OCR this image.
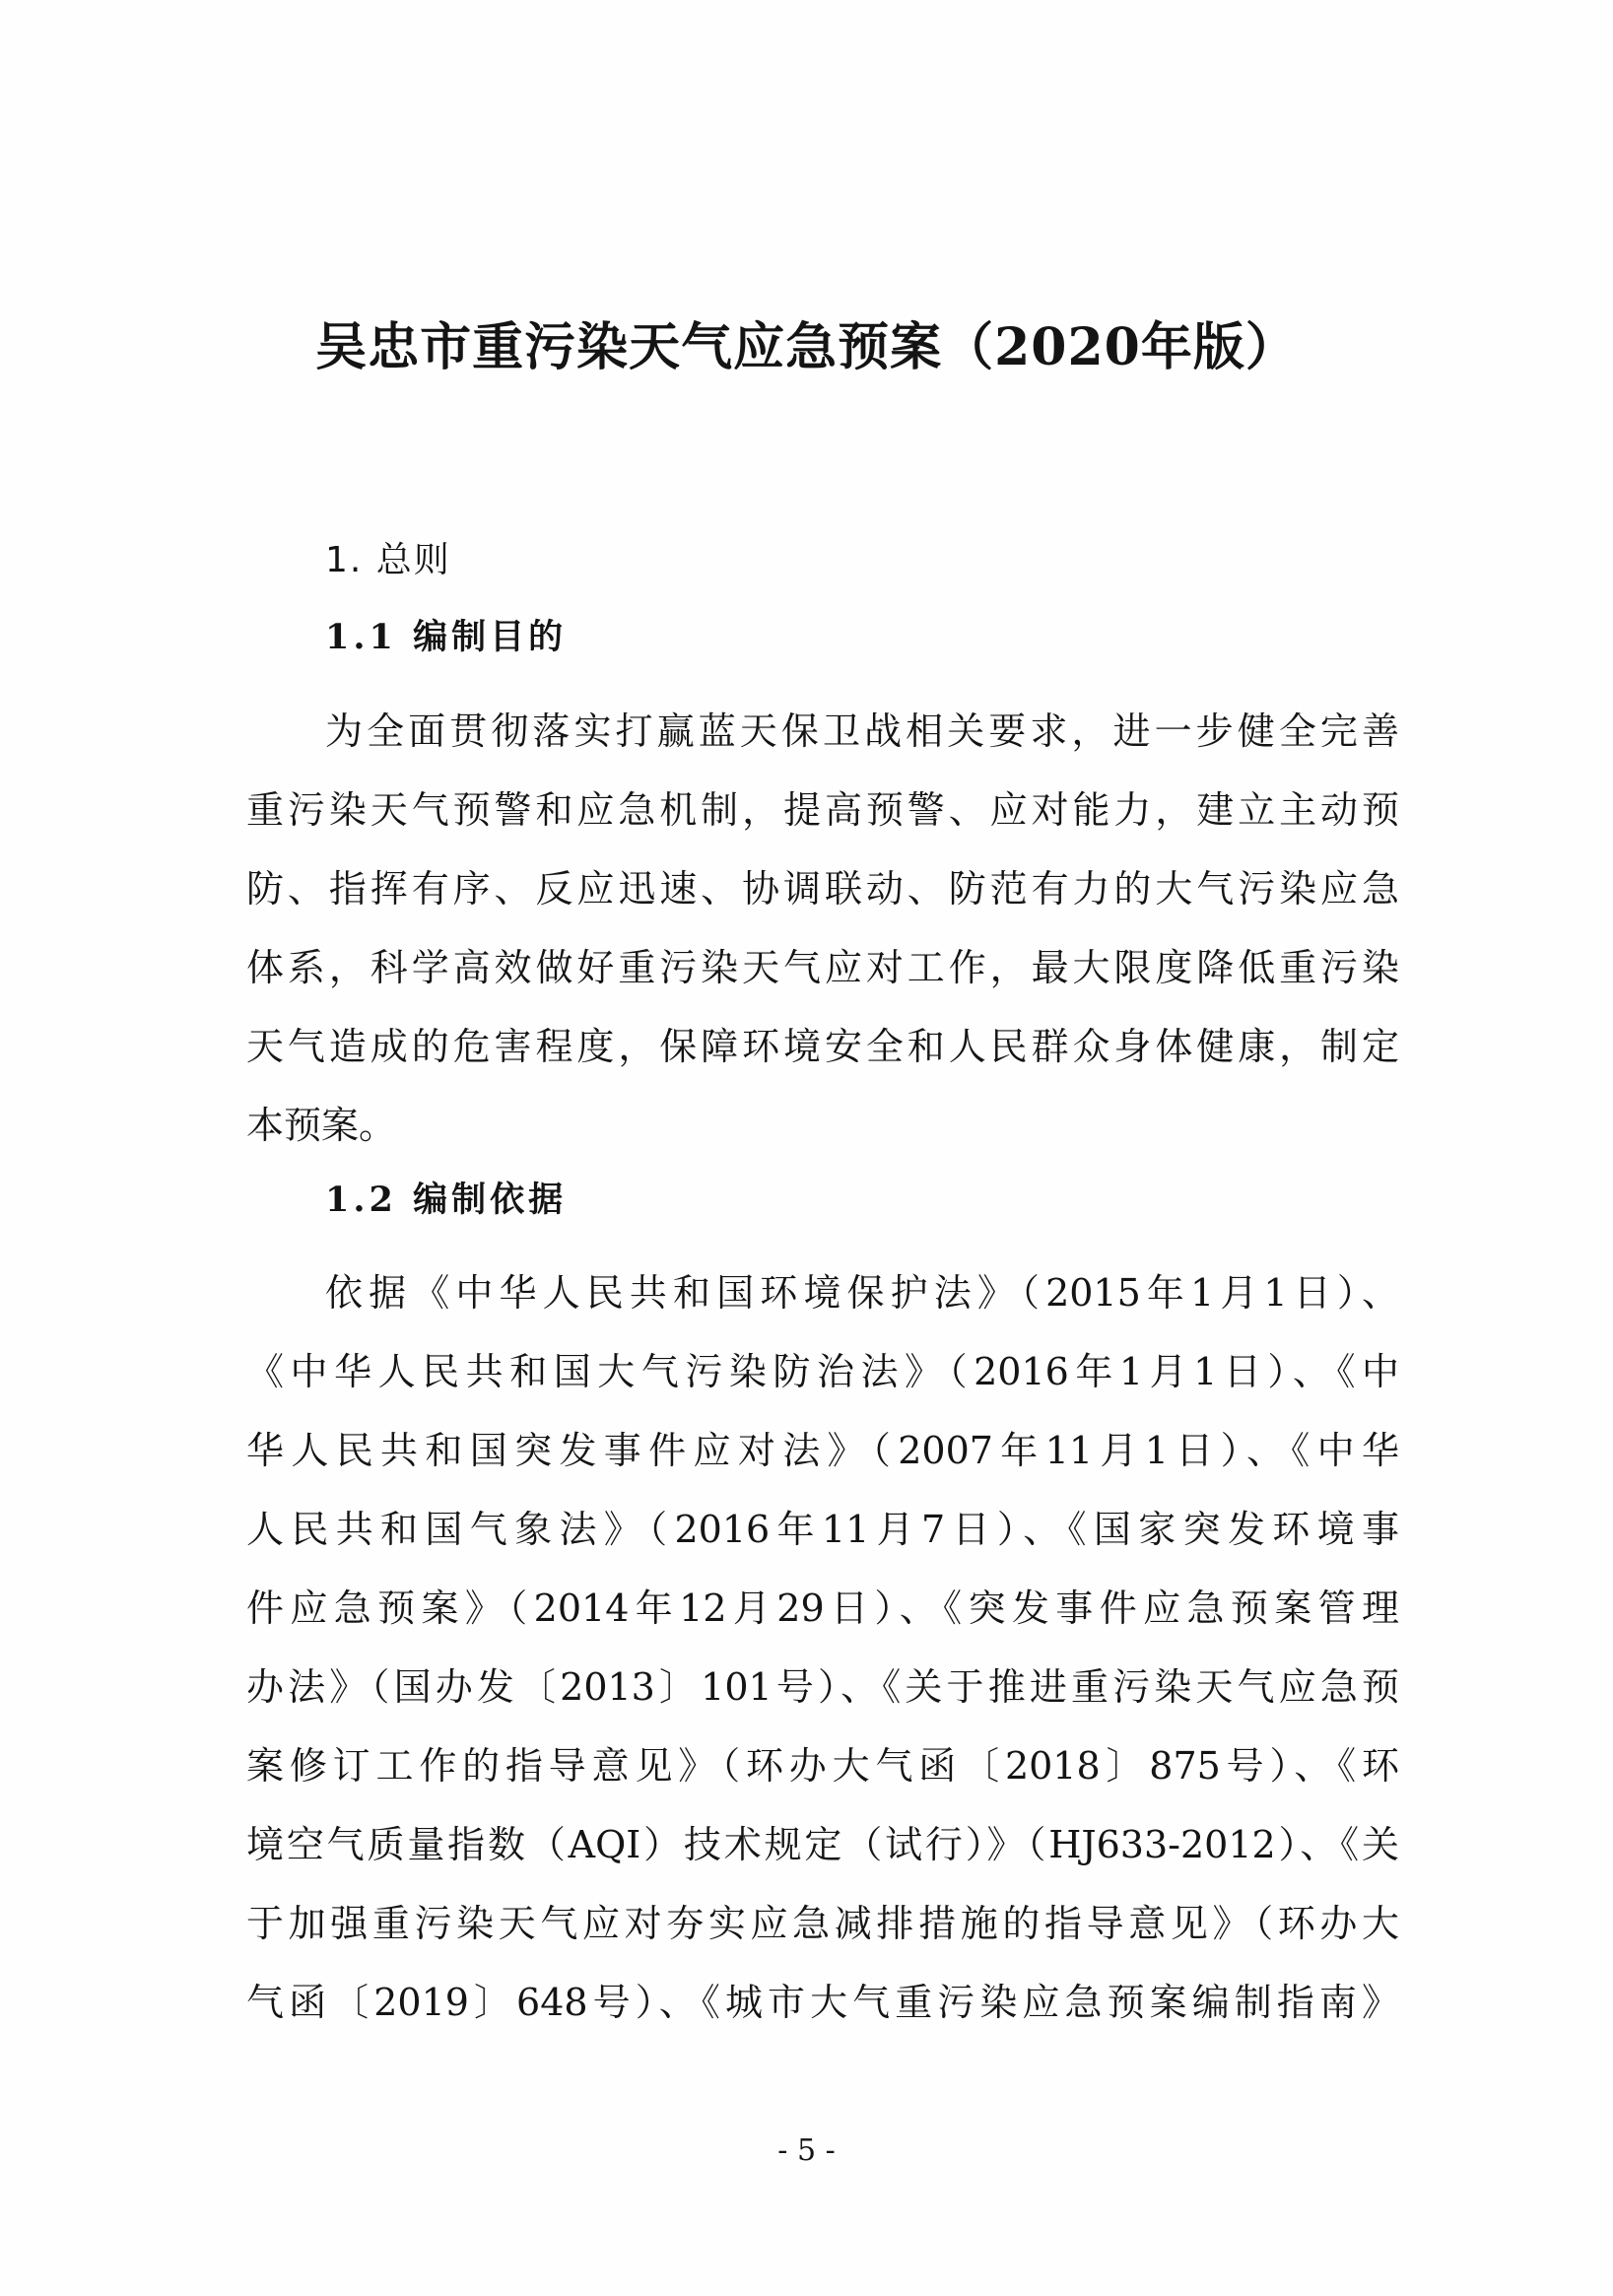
吴忠市重污染天气应急预案（2020年版）
1. 总则
1.1 编制目的
为全面贯彻落实打赢蓝天保卫战相关要求，进一步健全完善
重污染天气预警和应急机制，提高预警、应对能力，建立主动预
防、指挥有序、反应迅速、协调联动、防范有力的大气污染应急
体系，科学高效做好重污染天气应对工作，最大限度降低重污染
天气造成的危害程度，保障环境安全和人民群众身体健康，制定
本预案。
1.2 编制依据
依据《中华人民共和国环境保护法》（2015年1月1日）、
《中华人民共和国大气污染防治法》（2016年1月1日）、《中
华人民共和国突发事件应对法》（2007年11月1日）、《中华
人民共和国气象法》（2016年11月7日）、《国家突发环境事
件应急预案》（2014年12月29日）、《突发事件应急预案管理
办法》（国办发〔2013〕101号）、《关于推进重污染天气应急预
案修订工作的指导意见》（环办大气函〔2018〕875号）、《环
境空气质量指数（AQI）技术规定（试行）》（HJ633-2012）、《关
于加强重污染天气应对夯实应急减排措施的指导意见》（环办大
气函〔2019〕648号）、《城市大气重污染应急预案编制指南》
- 5 -
